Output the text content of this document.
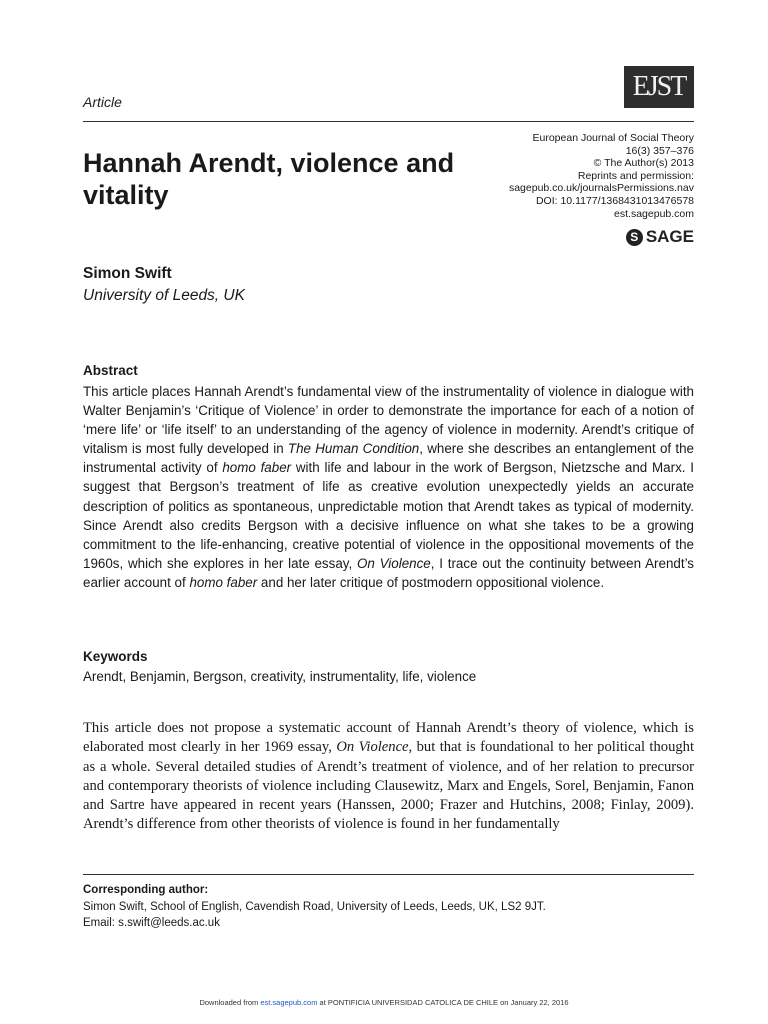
Article	EJST
Hannah Arendt, violence and vitality
European Journal of Social Theory
16(3) 357–376
© The Author(s) 2013
Reprints and permission:
sagepub.co.uk/journalsPermissions.nav
DOI: 10.1177/1368431013476578
est.sagepub.com
S
SAGE
Simon Swift
University of Leeds, UK
Abstract

This article places Hannah Arendt’s fundamental view of the instrumentality of violence in dialogue with Walter Benjamin’s ‘Critique of Violence’ in order to demonstrate the importance for each of a notion of ‘mere life’ or ‘life itself’ to an understanding of the agency of violence in modernity. Arendt’s critique of vitalism is most fully developed in The Human Condition, where she describes an entanglement of the instrumental activity of homo faber with life and labour in the work of Bergson, Nietzsche and Marx. I suggest that Bergson’s treatment of life as creative evolution unexpectedly yields an accurate description of politics as spontaneous, unpredictable motion that Arendt takes as typical of modernity. Since Arendt also credits Bergson with a decisive influence on what she takes to be a growing commitment to the life-enhancing, creative potential of violence in the oppositional movements of the 1960s, which she explores in her late essay, On Violence, I trace out the continuity between Arendt’s earlier account of homo faber and her later critique of postmodern oppositional violence.

Keywords
Arendt, Benjamin, Bergson, creativity, instrumentality, life, violence

This article does not propose a systematic account of Hannah Arendt’s theory of violence, which is elaborated most clearly in her 1969 essay, On Violence, but that is foundational to her political thought as a whole. Several detailed studies of Arendt’s treatment of violence, and of her relation to precursor and contemporary theorists of violence including Clausewitz, Marx and Engels, Sorel, Benjamin, Fanon and Sartre have appeared in recent years (Hanssen, 2000; Frazer and Hutchins, 2008; Finlay, 2009). Arendt’s difference from other theorists of violence is found in her fundamentally

Corresponding author:
Simon Swift, School of English, Cavendish Road, University of Leeds, Leeds, UK, LS2 9JT.
Email: s.swift@leeds.ac.uk
Downloaded from est.sagepub.com at PONTIFICIA UNIVERSIDAD CATOLICA DE CHILE on January 22, 2016
